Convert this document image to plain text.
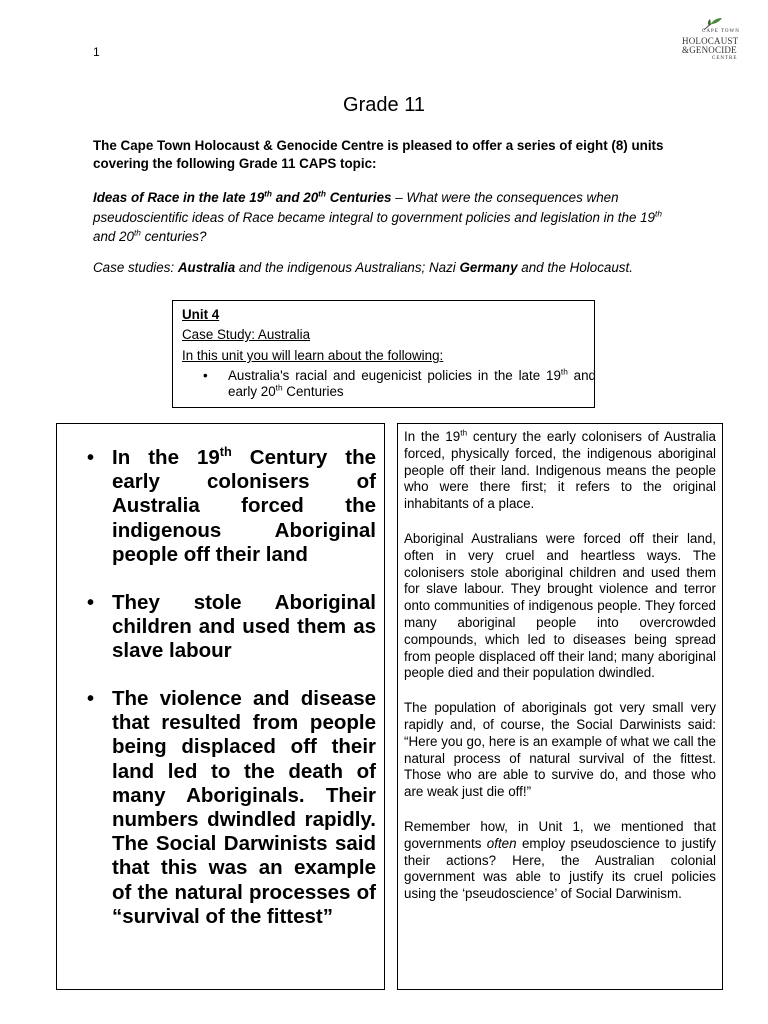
1
CAPE TOWN
HOLOCAUST
&GENOCIDE
CENTRE
Grade 11
The Cape Town Holocaust & Genocide Centre is pleased to offer a series of eight (8) units covering the following Grade 11 CAPS topic:
Ideas of Race in the late 19th and 20th Centuries – What were the consequences when pseudoscientific ideas of Race became integral to government policies and legislation in the 19th and 20th centuries?
Case studies: Australia and the indigenous Australians; Nazi Germany and the Holocaust.
Unit 4
Case Study: Australia
In this unit you will learn about the following:
• Australia's racial and eugenicist policies in the late 19th and early 20th Centuries
• In the 19th Century the early colonisers of Australia forced the indigenous Aboriginal people off their land
• They stole Aboriginal children and used them as slave labour
• The violence and disease that resulted from people being displaced off their land led to the death of many Aboriginals. Their numbers dwindled rapidly. The Social Darwinists said that this was an example of the natural processes of “survival of the fittest”

In the 19th century the early colonisers of Australia forced, physically forced, the indigenous aboriginal people off their land. Indigenous means the people who were there first; it refers to the original inhabitants of a place.

Aboriginal Australians were forced off their land, often in very cruel and heartless ways. The colonisers stole aboriginal children and used them for slave labour. They brought violence and terror onto communities of indigenous people. They forced many aboriginal people into overcrowded compounds, which led to diseases being spread from people displaced off their land; many aboriginal people died and their population dwindled.

The population of aboriginals got very small very rapidly and, of course, the Social Darwinists said: “Here you go, here is an example of what we call the natural process of natural survival of the fittest. Those who are able to survive do, and those who are weak just die off!”

Remember how, in Unit 1, we mentioned that governments often employ pseudoscience to justify their actions? Here, the Australian colonial government was able to justify its cruel policies using the ‘pseudoscience’ of Social Darwinism.
